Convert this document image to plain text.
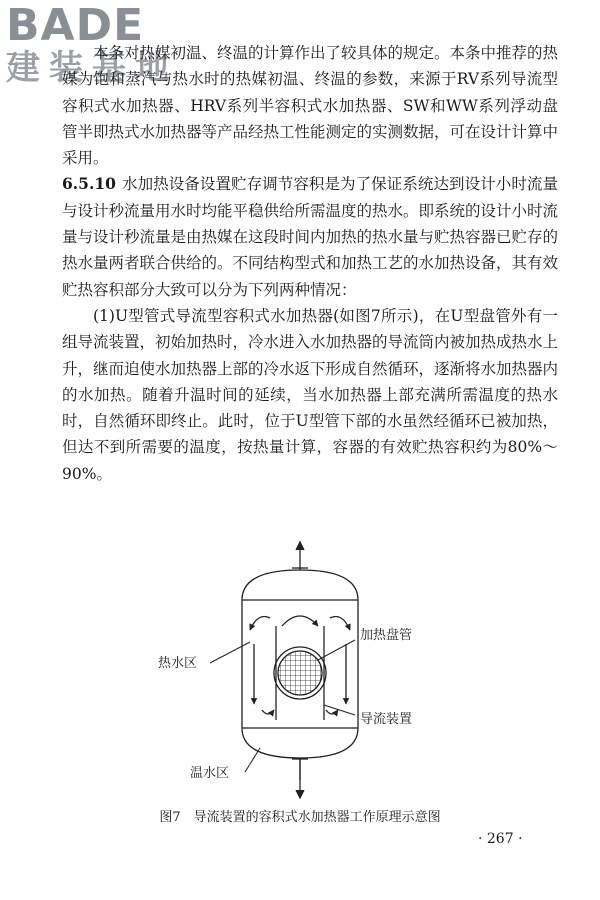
BADE
建装基地

本条对热媒初温、终温的计算作出了较具体的规定。本条中推荐的热媒为饱和蒸汽与热水时的热媒初温、终温的参数，来源于RV系列导流型容积式水加热器、HRV系列半容积式水加热器、SW和WW系列浮动盘管半即热式水加热器等产品经热工性能测定的实测数据，可在设计计算中采用。

6.5.10 水加热设备设置贮存调节容积是为了保证系统达到设计小时流量与设计秒流量用水时均能平稳供给所需温度的热水。即系统的设计小时流量与设计秒流量是由热媒在这段时间内加热的热水量与贮热容器已贮存的热水量两者联合供给的。不同结构型式和加热工艺的水加热设备，其有效贮热容积部分大致可以分为下列两种情况：

(1)U型管式导流型容积式水加热器(如图7所示)，在U型盘管外有一组导流装置，初始加热时，冷水进入水加热器的导流筒内被加热成热水上升，继而迫使水加热器上部的冷水返下形成自然循环，逐渐将水加热器内的水加热。随着升温时间的延续，当水加热器上部充满所需温度的热水时，自然循环即终止。此时，位于U型管下部的水虽然经循环已被加热，但达不到所需要的温度，按热量计算，容器的有效贮热容积约为80%～90%。

加热盘管
热水区
导流装置
温水区
图7　导流装置的容积式水加热器工作原理示意图
· 267 ·
